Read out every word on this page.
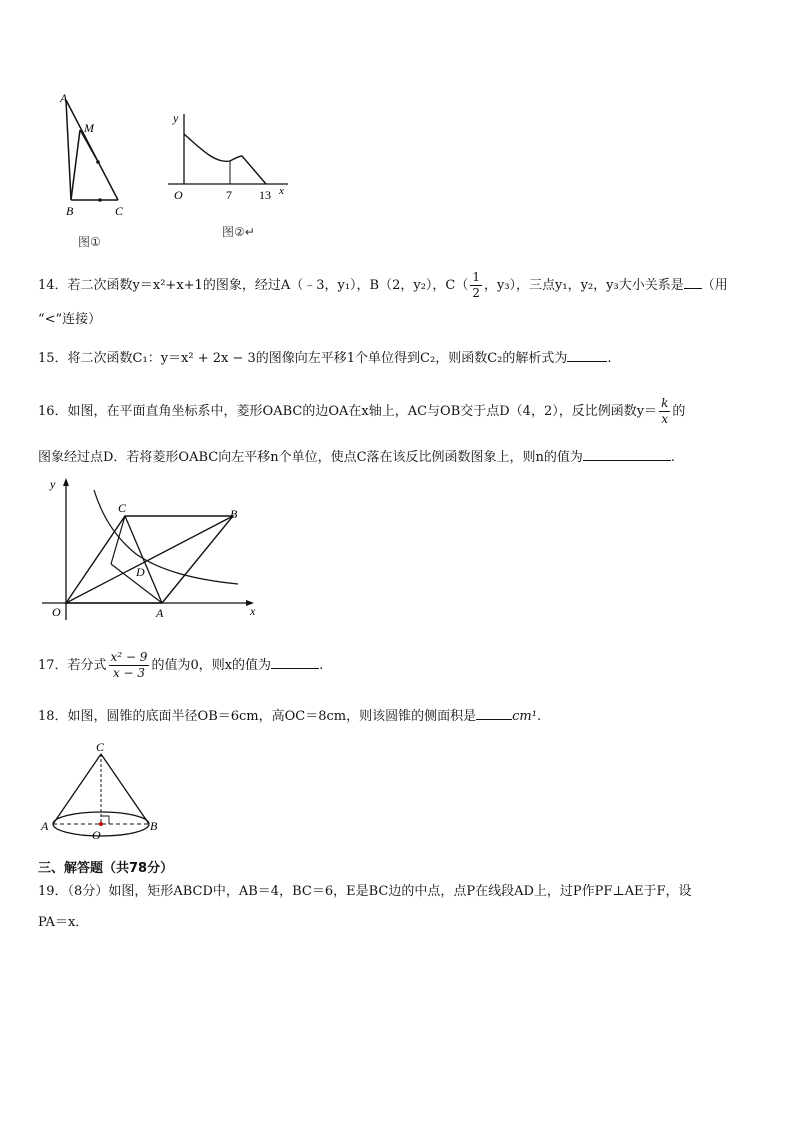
A
M
B	C
图①
y
O	7 13 x
图②↵
14．若二次函数y＝x²+x+1的图象，经过A（﹣3，y₁），B（2，y₂），$C( \frac{1}{2}$ ，y₃），三点y₁，y₂，y₃大小关系是 （用
“<”连接）
15．将二次函数C₁：y＝x² + 2x − 3的图像向左平移1个单位得到C₂，则函数C₂的解析式为	.
16．如图，在平面直角坐标系中，菱形OABC的边OA在x轴上，AC与OB交于点D（4，2），反比例函数$y= \frac{k}{x}$ 的
图象经过点D．若将菱形OABC向左平移n个单位，使点C落在该反比例函数图象上，则n的值为	.
y
C	B
D
O	A	x
17．若分式 $\frac{\text{x² − 9}}{x - 3}$ 的值为0，则x的值为	.
18．如图，圆锥的底面半径OB＝6cm，高OC＝8cm，则该圆锥的侧面积是	cm¹.
C
A
O
B
三、解答题（共78分）
19．（8分）如图，矩形ABCD中，AB＝4，BC＝6，E是BC边的中点，点P在线段AD上，过P作PF⊥AE于F，设
PA＝x．
